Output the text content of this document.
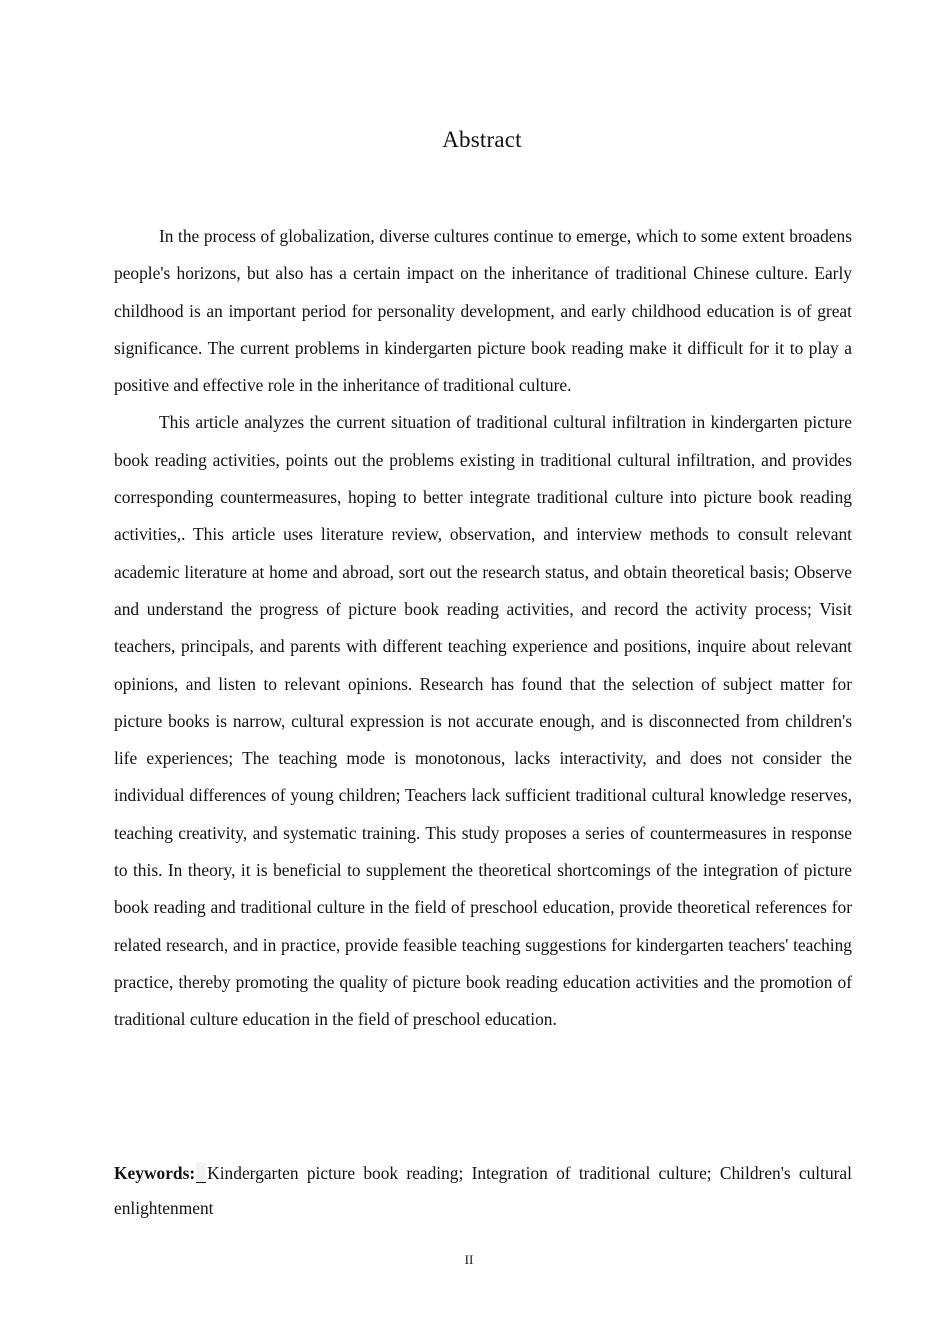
Abstract

In the process of globalization, diverse cultures continue to emerge, which to some extent broadens people's horizons, but also has a certain impact on the inheritance of traditional Chinese culture. Early childhood is an important period for personality development, and early childhood education is of great significance. The current problems in kindergarten picture book reading make it difficult for it to play a positive and effective role in the inheritance of traditional culture.

This article analyzes the current situation of traditional cultural infiltration in kindergarten picture book reading activities, points out the problems existing in traditional cultural infiltration, and provides corresponding countermeasures, hoping to better integrate traditional culture into picture book reading activities,. This article uses literature review, observation, and interview methods to consult relevant academic literature at home and abroad, sort out the research status, and obtain theoretical basis; Observe and understand the progress of picture book reading activities, and record the activity process; Visit teachers, principals, and parents with different teaching experience and positions, inquire about relevant opinions, and listen to relevant opinions. Research has found that the selection of subject matter for picture books is narrow, cultural expression is not accurate enough, and is disconnected from children's life experiences; The teaching mode is monotonous, lacks interactivity, and does not consider the individual differences of young children; Teachers lack sufficient traditional cultural knowledge reserves, teaching creativity, and systematic training. This study proposes a series of countermeasures in response to this. In theory, it is beneficial to supplement the theoretical shortcomings of the integration of picture book reading and traditional culture in the field of preschool education, provide theoretical references for related research, and in practice, provide feasible teaching suggestions for kindergarten teachers' teaching practice, thereby promoting the quality of picture book reading education activities and the promotion of traditional culture education in the field of preschool education.

Keywords: Kindergarten picture book reading; Integration of traditional culture; Children's cultural enlightenment
II
